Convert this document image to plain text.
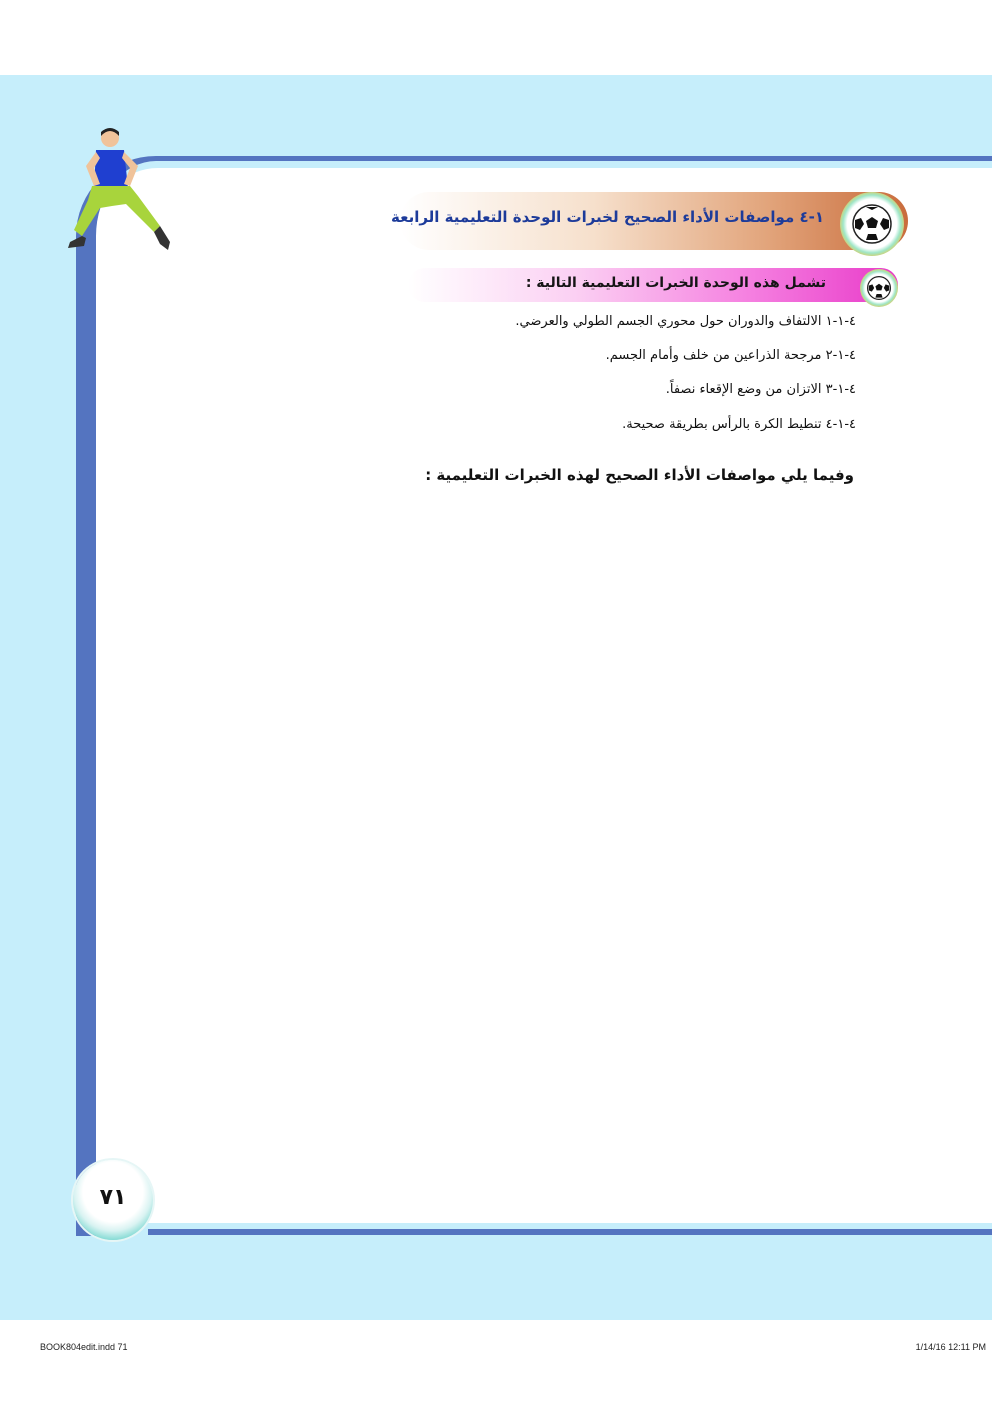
٧١
١-٤ مواصفات الأداء الصحيح لخبرات الوحدة التعليمية الرابعة
تشمل هذه الوحدة الخبرات التعليمية التالية :
٤-١-١ الالتفاف والدوران حول محوري الجسم الطولي والعرضي.
٤-١-٢ مرجحة الذراعين من خلف وأمام الجسم.
٤-١-٣ الاتزان من وضع الإقعاء نصفاً.
٤-١-٤ تنطيط الكرة بالرأس بطريقة صحيحة.
وفيما يلي مواصفات الأداء الصحيح لهذه الخبرات التعليمية :
BOOK804edit.indd 71	1/14/16 12:11 PM
